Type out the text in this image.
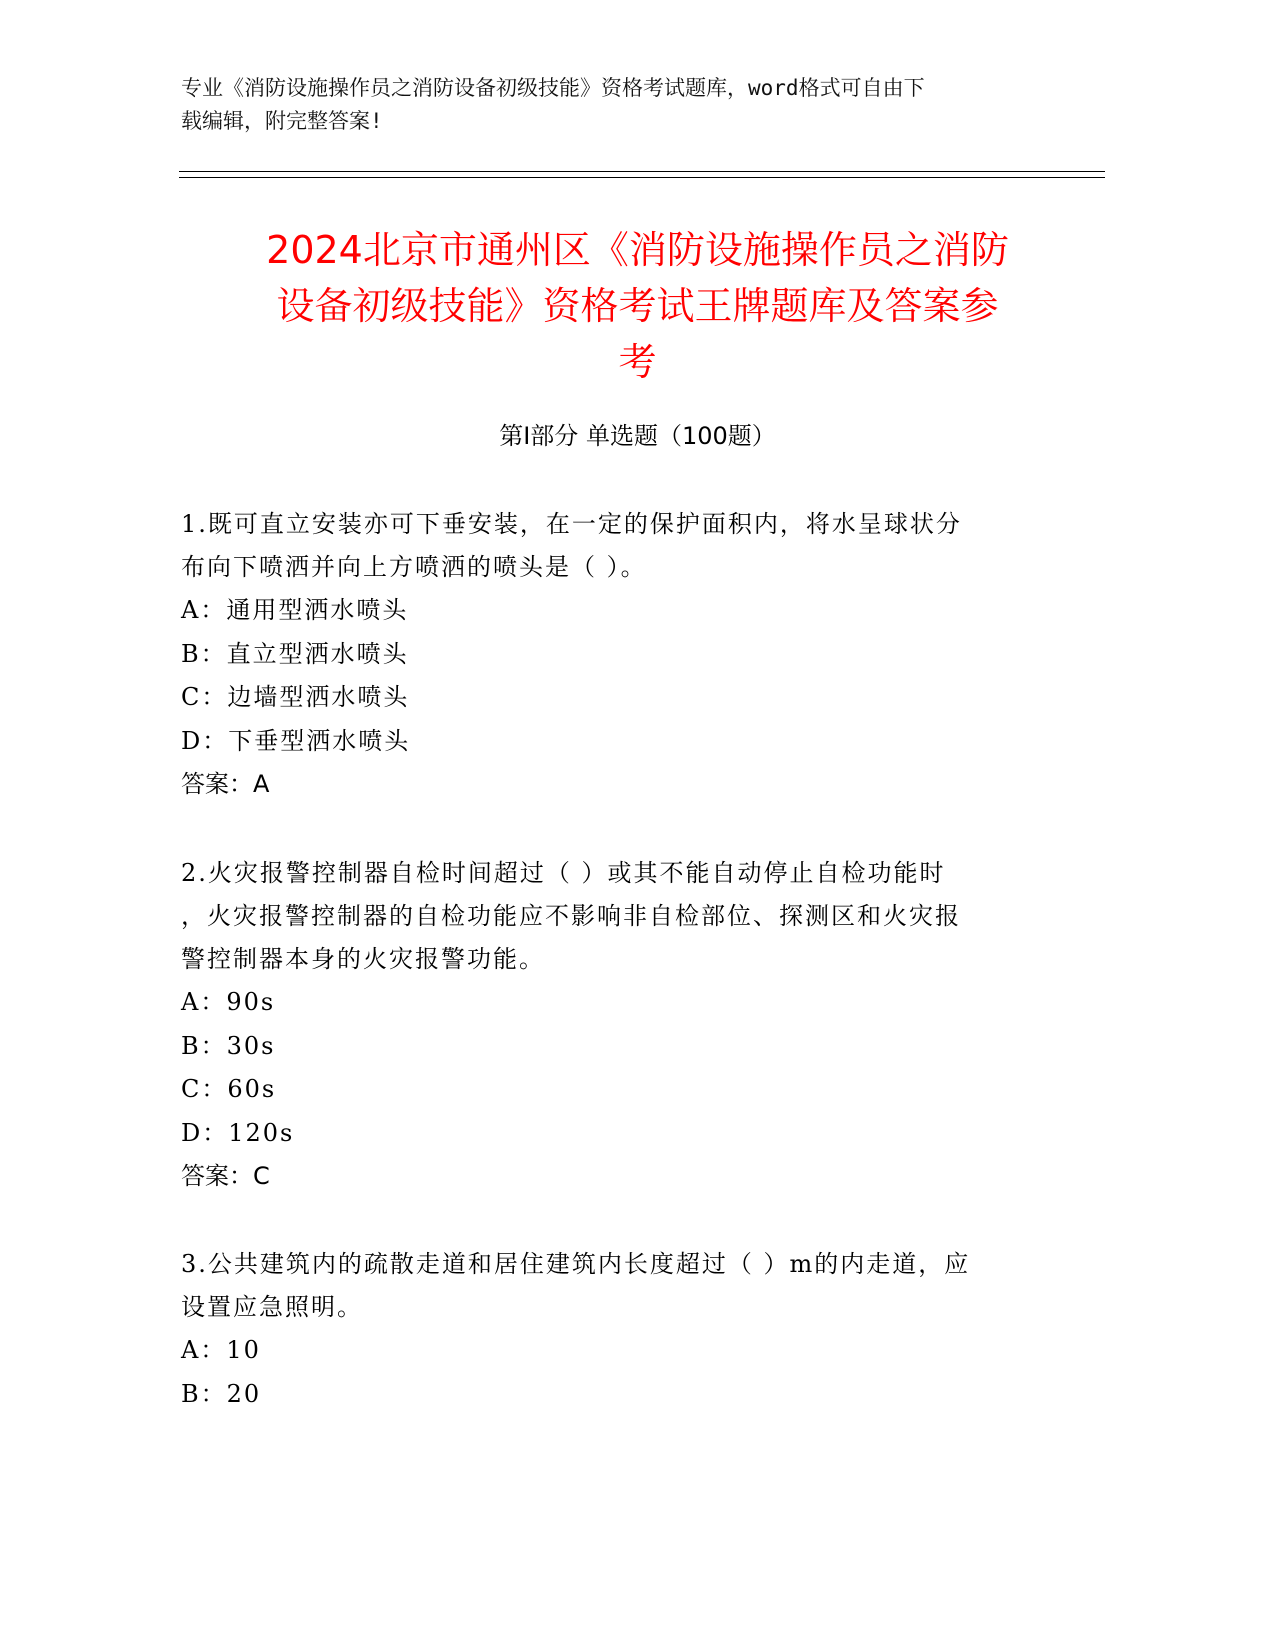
专业《消防设施操作员之消防设备初级技能》资格考试题库，word格式可自由下
载编辑，附完整答案!
2024北京市通州区《消防设施操作员之消防
设备初级技能》资格考试王牌题库及答案参
考
第I部分 单选题（100题）
1.既可直立安装亦可下垂安装，在一定的保护面积内，将水呈球状分
布向下喷洒并向上方喷洒的喷头是（ ）。
A：通用型洒水喷头
B：直立型洒水喷头
C：边墙型洒水喷头
D：下垂型洒水喷头
答案：A
2.火灾报警控制器自检时间超过（ ）或其不能自动停止自检功能时
，火灾报警控制器的自检功能应不影响非自检部位、探测区和火灾报
警控制器本身的火灾报警功能。
A：90s
B：30s
C：60s
D：120s
答案：C
3.公共建筑内的疏散走道和居住建筑内长度超过（ ）m的内走道，应
设置应急照明。
A：10
B：20
